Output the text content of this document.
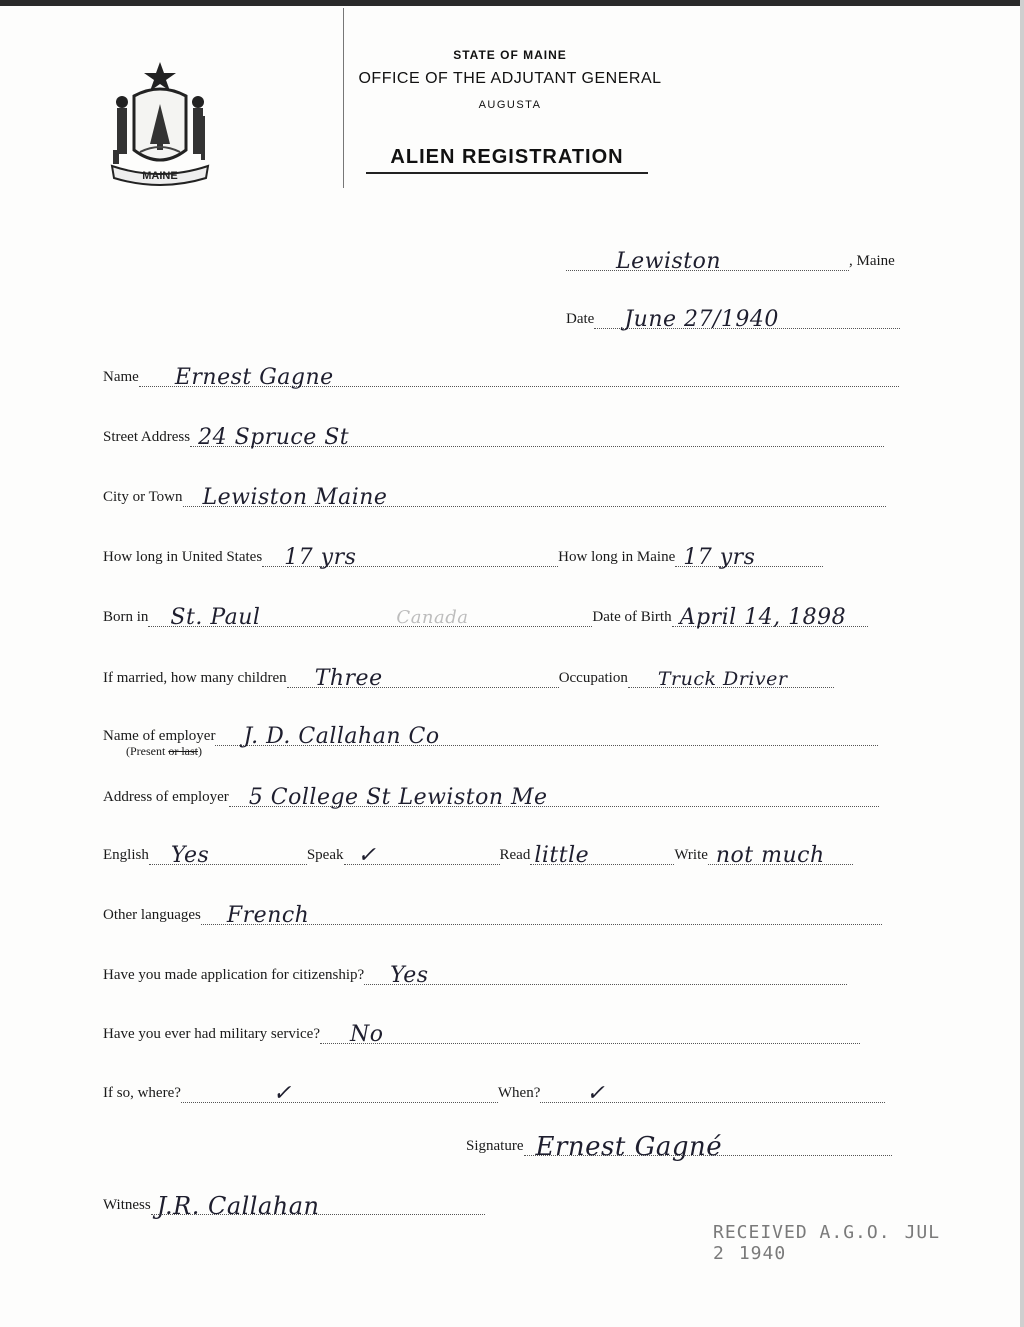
MAINE
STATE OF MAINE
OFFICE OF THE ADJUTANT GENERAL
AUGUSTA
ALIEN REGISTRATION
Lewiston	, Maine
Date June 27/1940
Name Ernest Gagne
Street Address 24 Spruce St
City or Town Lewiston Maine
How long in United States 17 yrs	How long in Maine 17 yrs
Born in St. Paul	Canada	Date of Birth April 14, 1898
If married, how many children Three	Occupation Truck Driver
Name of employer J. D. Callahan Co
(Present or last)
Address of employer 5 College St Lewiston Me
English Yes	Speak ✓	Read little	Write not much
Other languages French
Have you made application for citizenship? Yes
Have you ever had military service? No
If so, where?	✓	When? ✓
Signature Ernest Gagné
Witness J.R. Callahan
RECEIVED A.G.O. JUL 2 1940
